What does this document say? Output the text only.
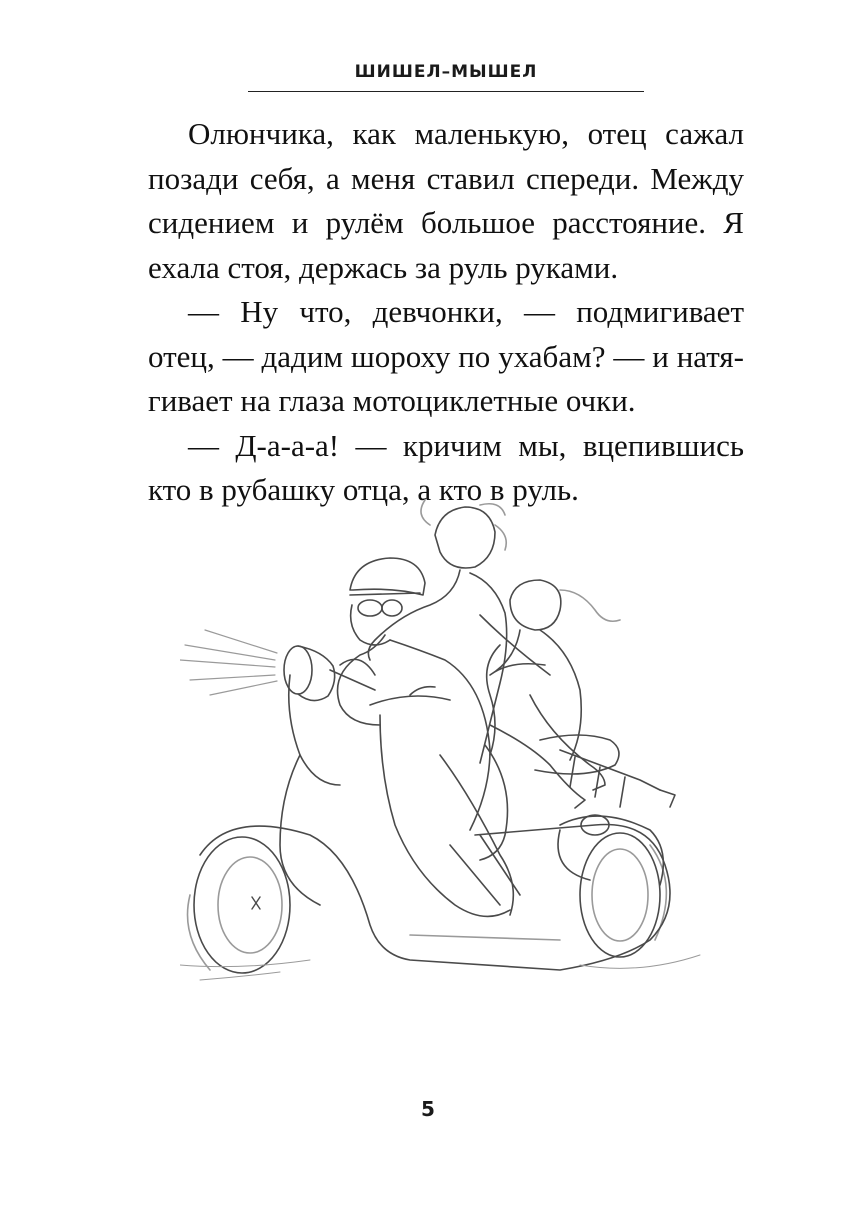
ШИШЕЛ–МЫШЕЛ

Олюнчика, как маленькую, отец сажал позади себя, а меня ставил спереди. Между сидением и рулём большое расстояние. Я ехала стоя, держась за руль руками.

— Ну что, девчонки, — подмигивает отец, — дадим шороху по ухабам? — и натягивает на глаза мотоциклетные очки.

— Д-а-а-а! — кричим мы, вцепившись кто в рубашку отца, а кто в руль.

5
